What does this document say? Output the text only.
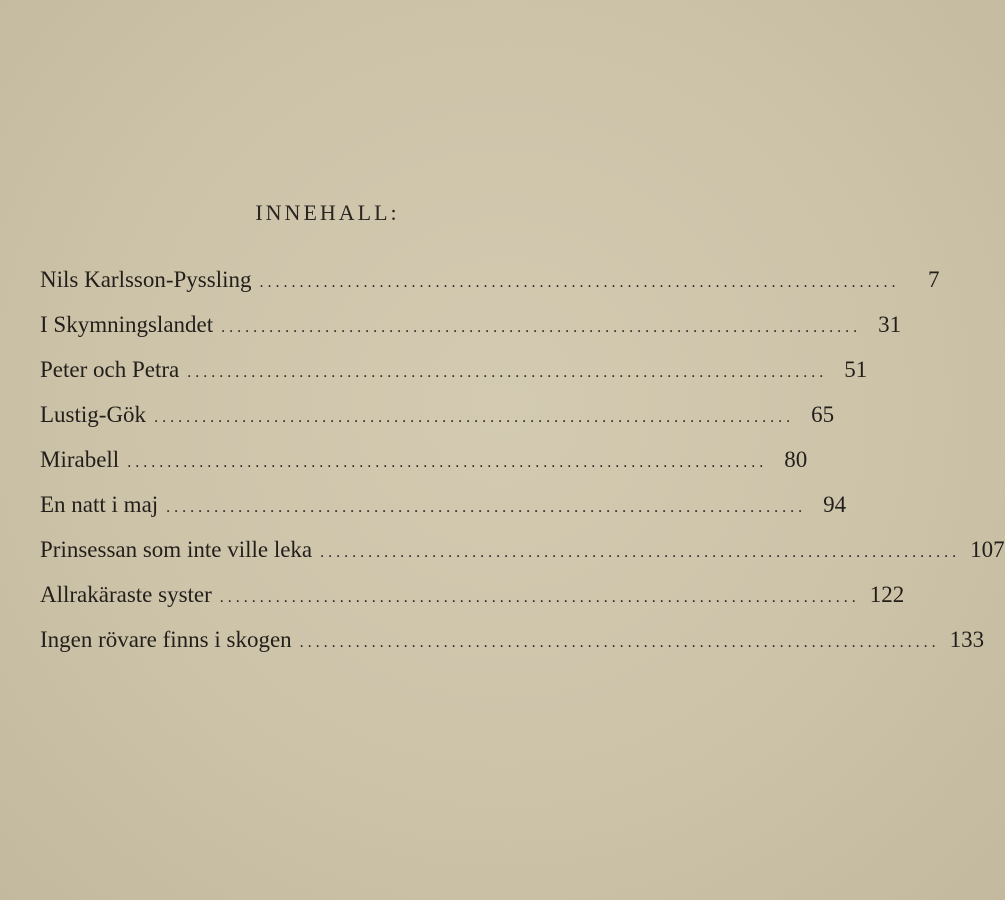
INNEHALL:
Nils Karlsson-Pyssling ................................................................................	7
I Skymningslandet ................................................................................ 31
Peter och Petra ................................................................................ 51
Lustig-Gök ................................................................................ 65
Mirabell ................................................................................ 80
En natt i maj ................................................................................ 94
Prinsessan som inte ville leka ................................................................................ 107
Allrakäraste syster ................................................................................ 122
Ingen rövare finns i skogen ................................................................................ 133
